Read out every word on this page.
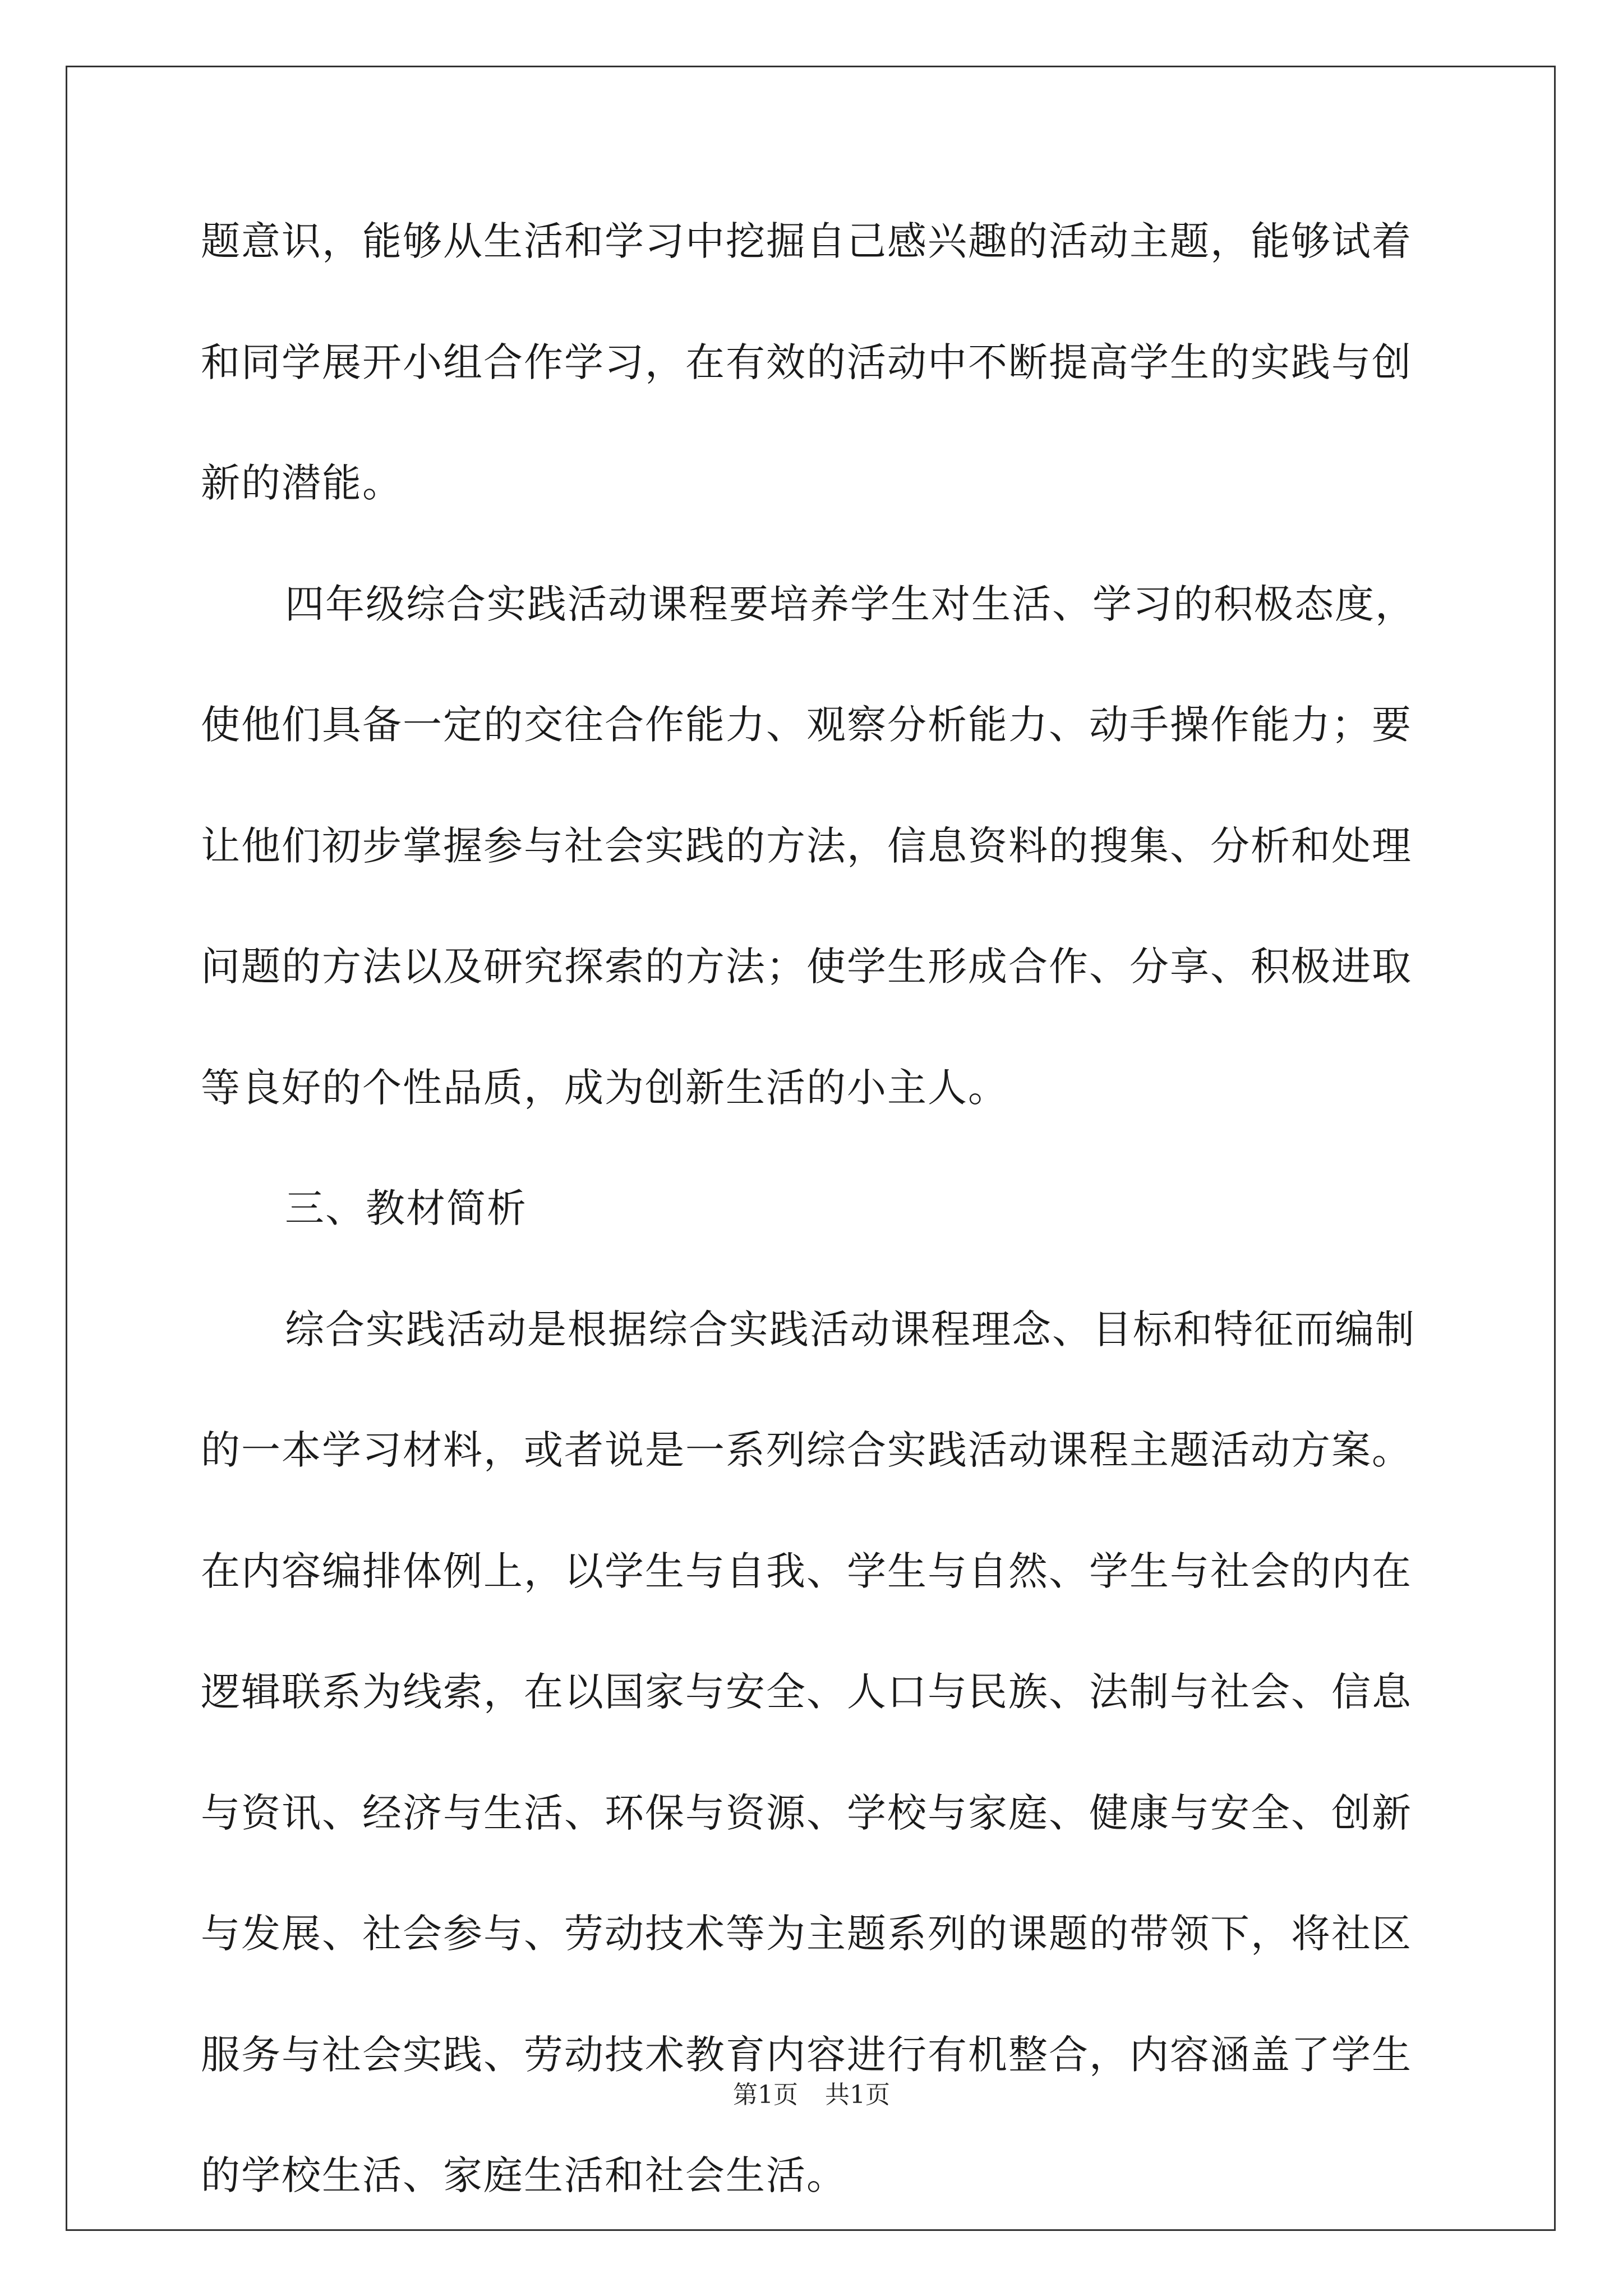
题意识，能够从生活和学习中挖掘自己感兴趣的活动主题，能够试着
和同学展开小组合作学习，在有效的活动中不断提高学生的实践与创
新的潜能。
四年级综合实践活动课程要培养学生对生活、学习的积极态度，
使他们具备一定的交往合作能力、观察分析能力、动手操作能力；要
让他们初步掌握参与社会实践的方法，信息资料的搜集、分析和处理
问题的方法以及研究探索的方法；使学生形成合作、分享、积极进取
等良好的个性品质，成为创新生活的小主人。
三、教材简析
综合实践活动是根据综合实践活动课程理念、目标和特征而编制
的一本学习材料，或者说是一系列综合实践活动课程主题活动方案。
在内容编排体例上，以学生与自我、学生与自然、学生与社会的内在
逻辑联系为线索，在以国家与安全、人口与民族、法制与社会、信息
与资讯、经济与生活、环保与资源、学校与家庭、健康与安全、创新
与发展、社会参与、劳动技术等为主题系列的课题的带领下，将社区
服务与社会实践、劳动技术教育内容进行有机整合，内容涵盖了学生
的学校生活、家庭生活和社会生活。
第1页 共1页
